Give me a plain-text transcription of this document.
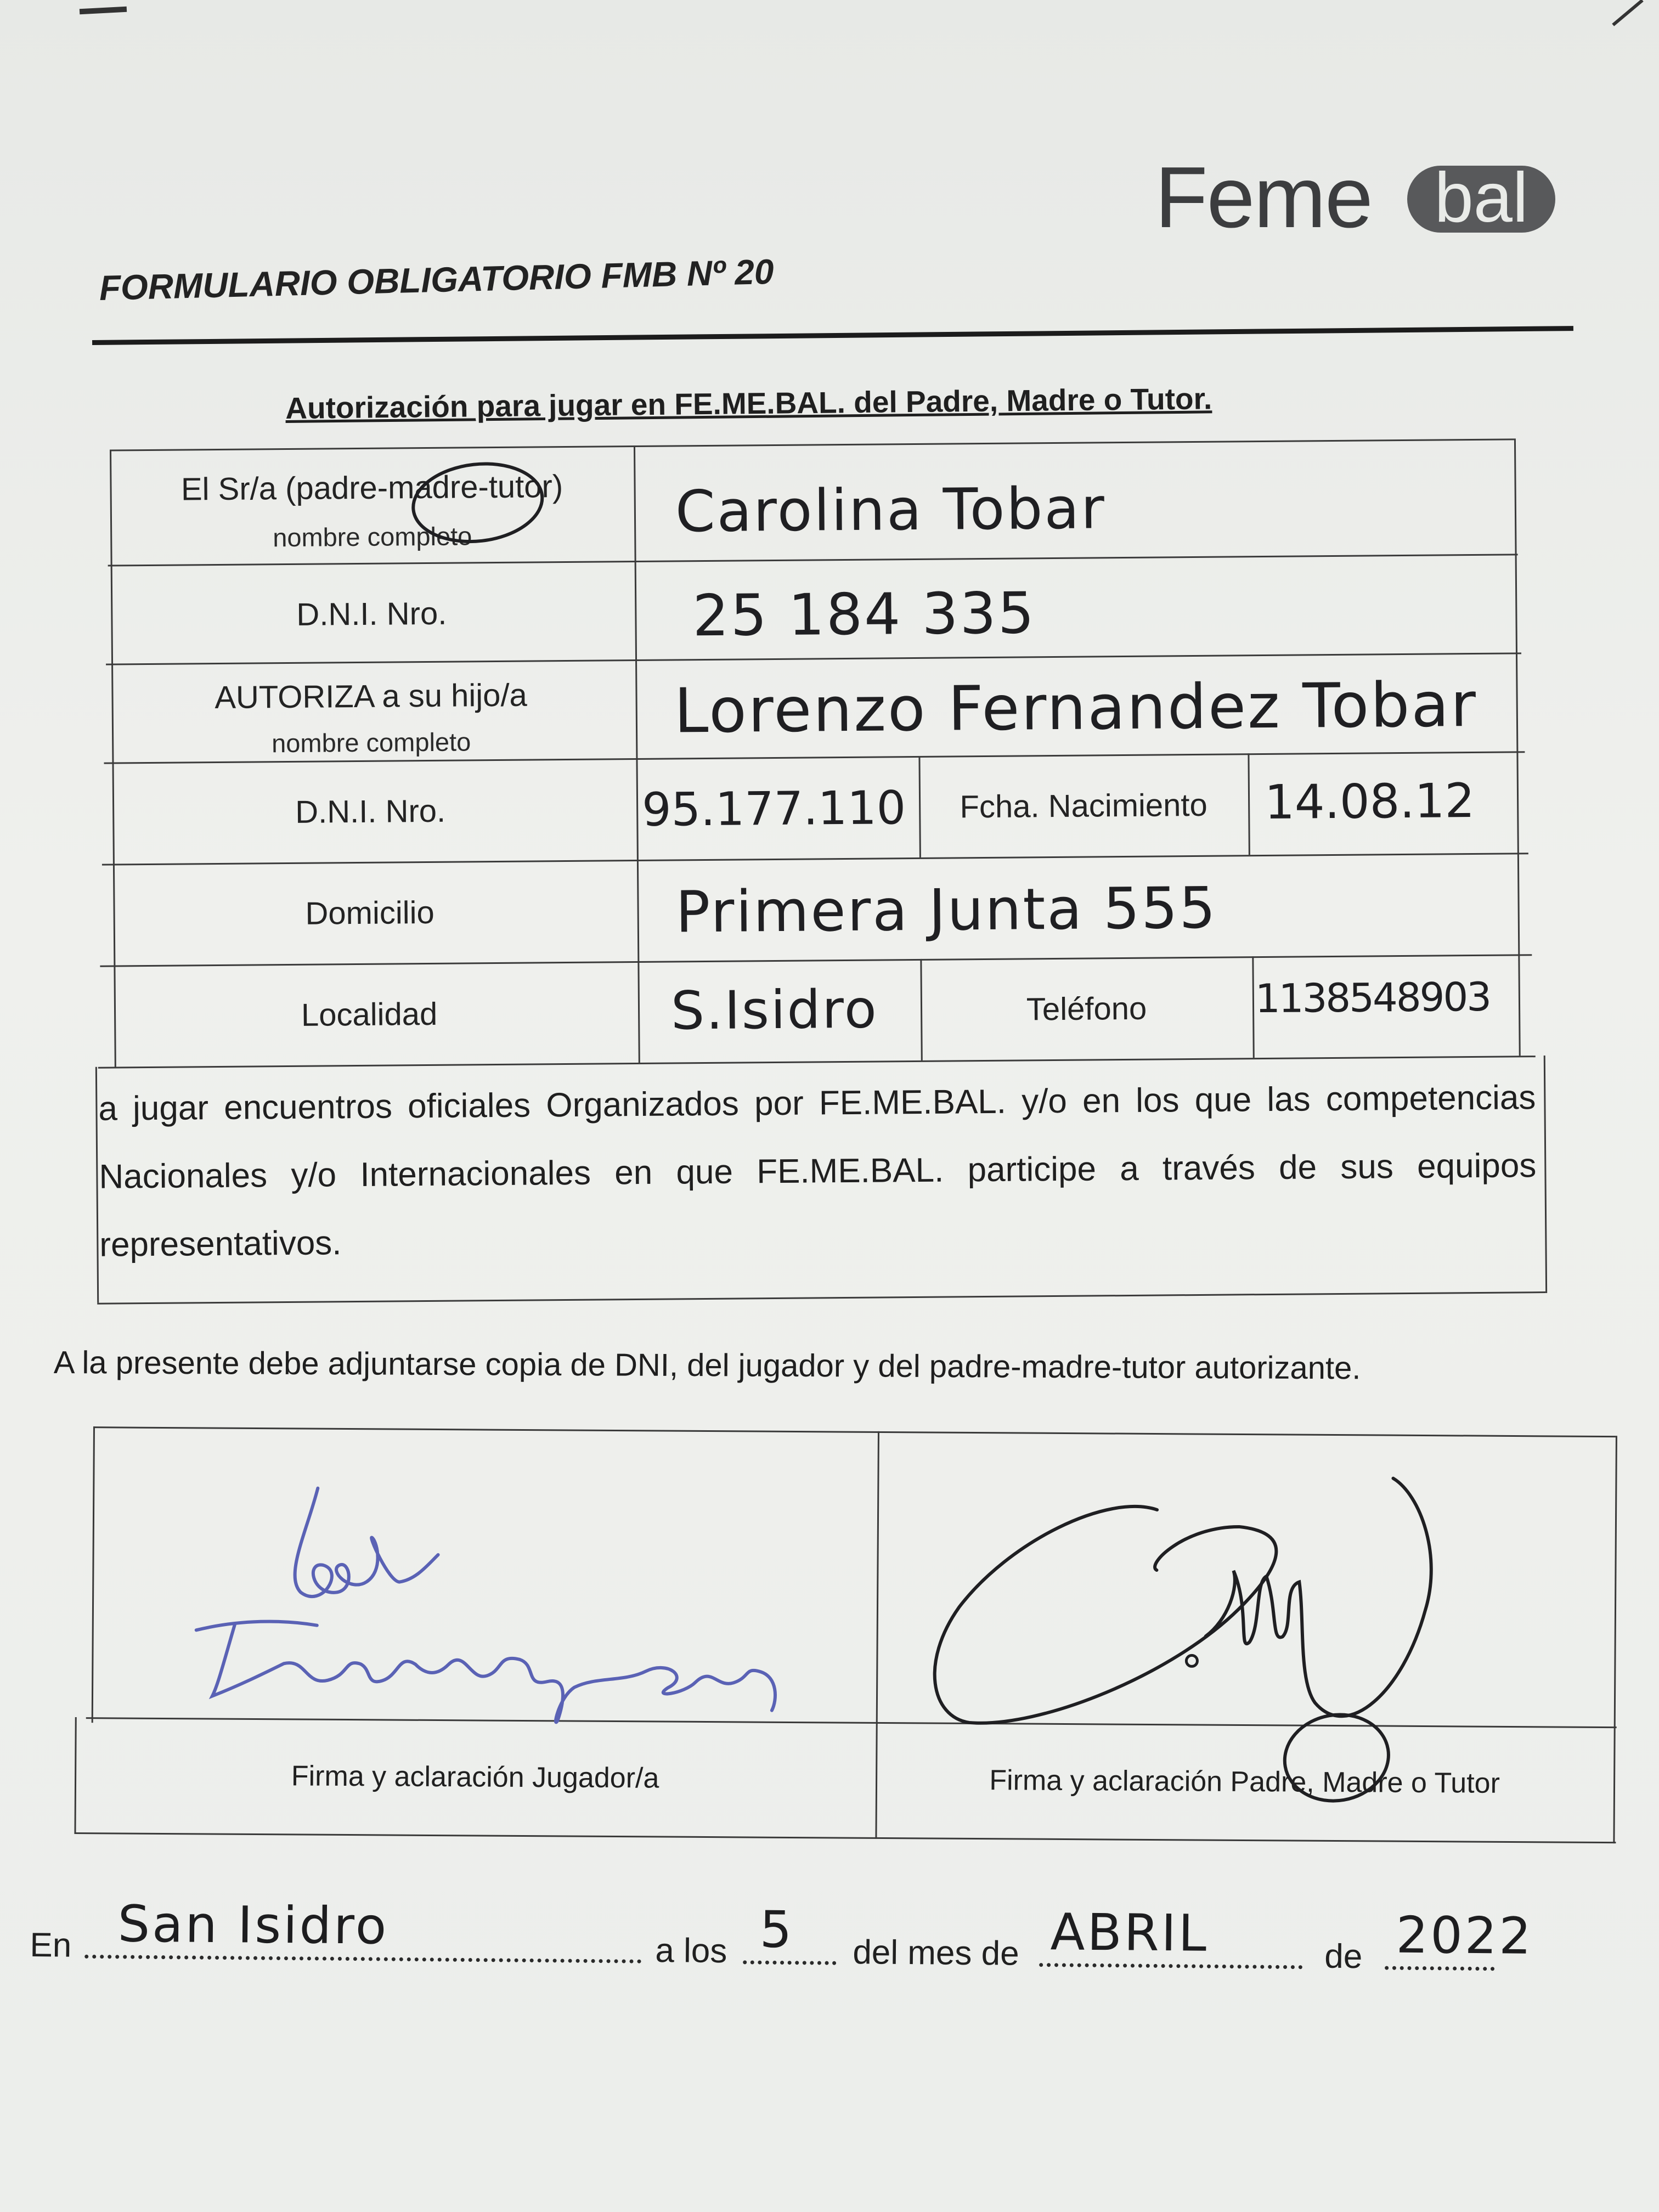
Feme bal
FORMULARIO OBLIGATORIO FMB Nº 20
Autorización para jugar en FE.ME.BAL. del Padre, Madre o Tutor.
El Sr/a (padre-madre-tutor)
nombre completo	Carolina Tobar
D.N.I. Nro.	25 184 335
AUTORIZA a su hijo/a
nombre completo	Lorenzo Fernandez Tobar
D.N.I. Nro.	95.177.110	Fcha. Nacimiento	14.08.12
Domicilio	Primera Junta 555
Localidad	S.Isidro	Teléfono	1138548903
a jugar encuentros oficiales Organizados por FE.ME.BAL. y/o en los que las competencias Nacionales y/o Internacionales en que FE.ME.BAL. participe a través de sus equipos representativos.
A la presente debe adjuntarse copia de DNI, del jugador y del padre-madre-tutor autorizante.
Firma y aclaración Jugador/a	Firma y aclaración Padre, Madre o Tutor
En San Isidro	a los 5 del mes de ABRIL	de 2022
